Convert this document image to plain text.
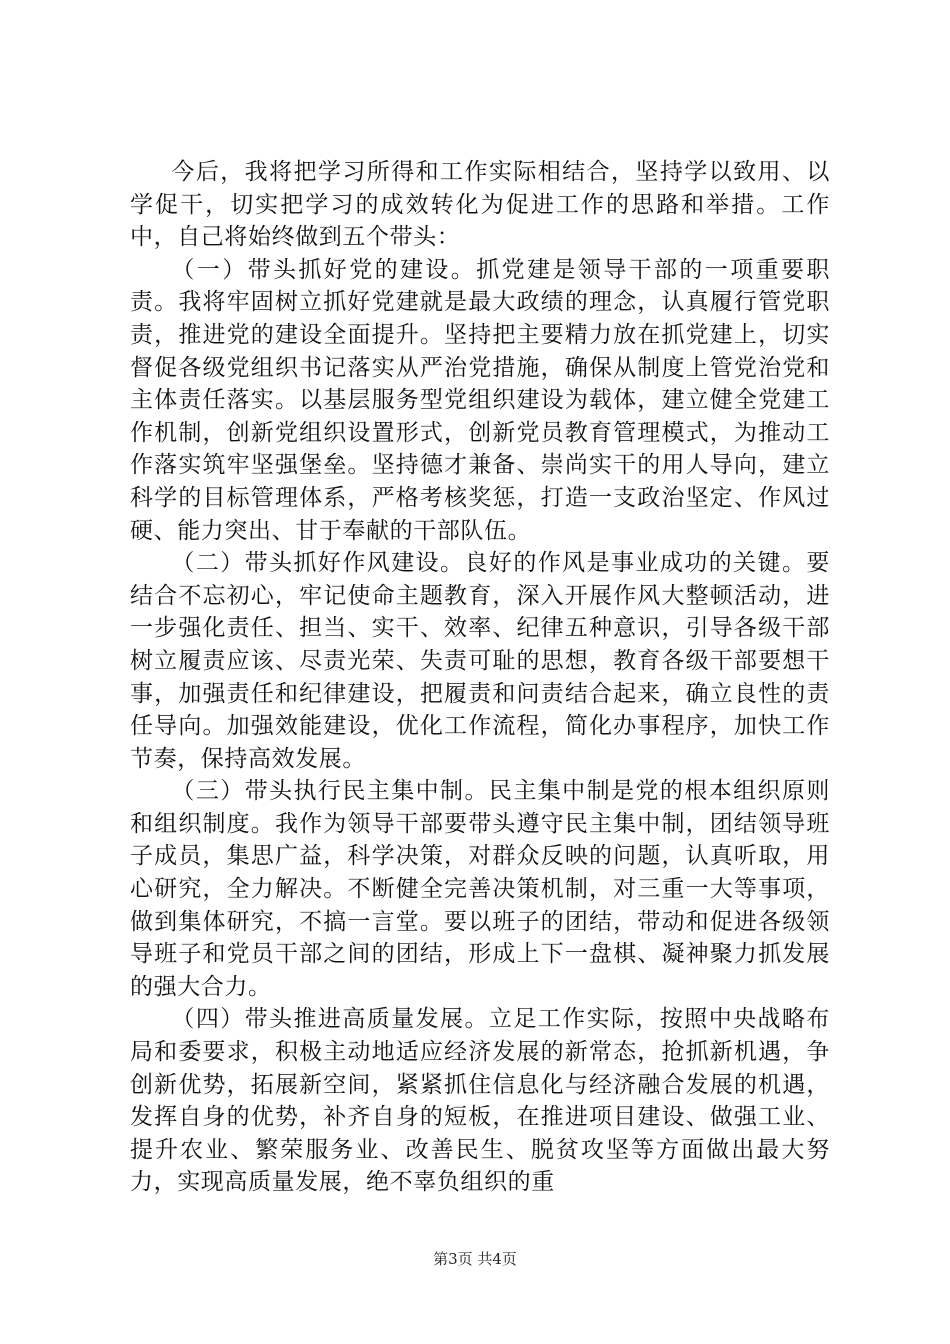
今后，我将把学习所得和工作实际相结合，坚持学以致用、以学促干，切实把学习的成效转化为促进工作的思路和举措。工作中，自己将始终做到五个带头：

（一）带头抓好党的建设。抓党建是领导干部的一项重要职责。我将牢固树立抓好党建就是最大政绩的理念，认真履行管党职责，推进党的建设全面提升。坚持把主要精力放在抓党建上，切实督促各级党组织书记落实从严治党措施，确保从制度上管党治党和主体责任落实。以基层服务型党组织建设为载体，建立健全党建工作机制，创新党组织设置形式，创新党员教育管理模式，为推动工作落实筑牢坚强堡垒。坚持德才兼备、崇尚实干的用人导向，建立科学的目标管理体系，严格考核奖惩，打造一支政治坚定、作风过硬、能力突出、甘于奉献的干部队伍。

（二）带头抓好作风建设。良好的作风是事业成功的关键。要结合不忘初心，牢记使命主题教育，深入开展作风大整顿活动，进一步强化责任、担当、实干、效率、纪律五种意识，引导各级干部树立履责应该、尽责光荣、失责可耻的思想，教育各级干部要想干事，加强责任和纪律建设，把履责和问责结合起来，确立良性的责任导向。加强效能建设，优化工作流程，简化办事程序，加快工作节奏，保持高效发展。

（三）带头执行民主集中制。民主集中制是党的根本组织原则和组织制度。我作为领导干部要带头遵守民主集中制，团结领导班子成员，集思广益，科学决策，对群众反映的问题，认真听取，用心研究，全力解决。不断健全完善决策机制，对三重一大等事项，做到集体研究，不搞一言堂。要以班子的团结，带动和促进各级领导班子和党员干部之间的团结，形成上下一盘棋、凝神聚力抓发展的强大合力。

（四）带头推进高质量发展。立足工作实际，按照中央战略布局和委要求，积极主动地适应经济发展的新常态，抢抓新机遇，争创新优势，拓展新空间，紧紧抓住信息化与经济融合发展的机遇，发挥自身的优势，补齐自身的短板，在推进项目建设、做强工业、提升农业、繁荣服务业、改善民生、脱贫攻坚等方面做出最大努力，实现高质量发展，绝不辜负组织的重

第3页 共4页
